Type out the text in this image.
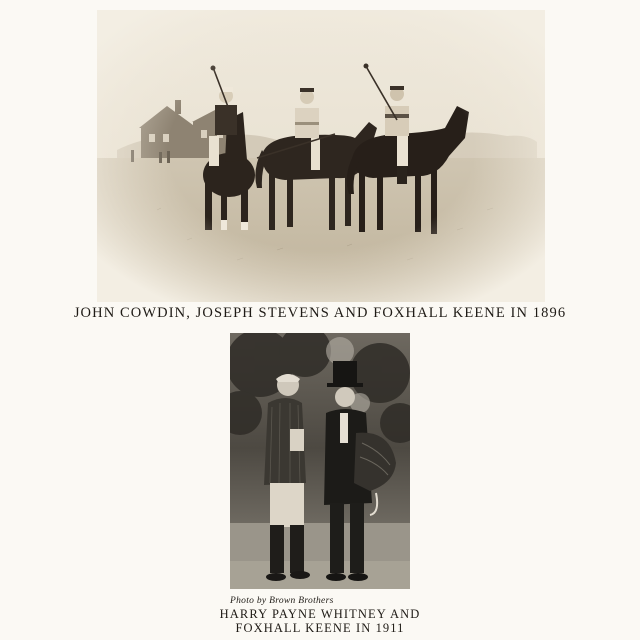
JOHN COWDIN, JOSEPH STEVENS AND FOXHALL KEENE IN 1896
Photo by Brown Brothers
HARRY PAYNE WHITNEY AND
FOXHALL KEENE IN 1911
